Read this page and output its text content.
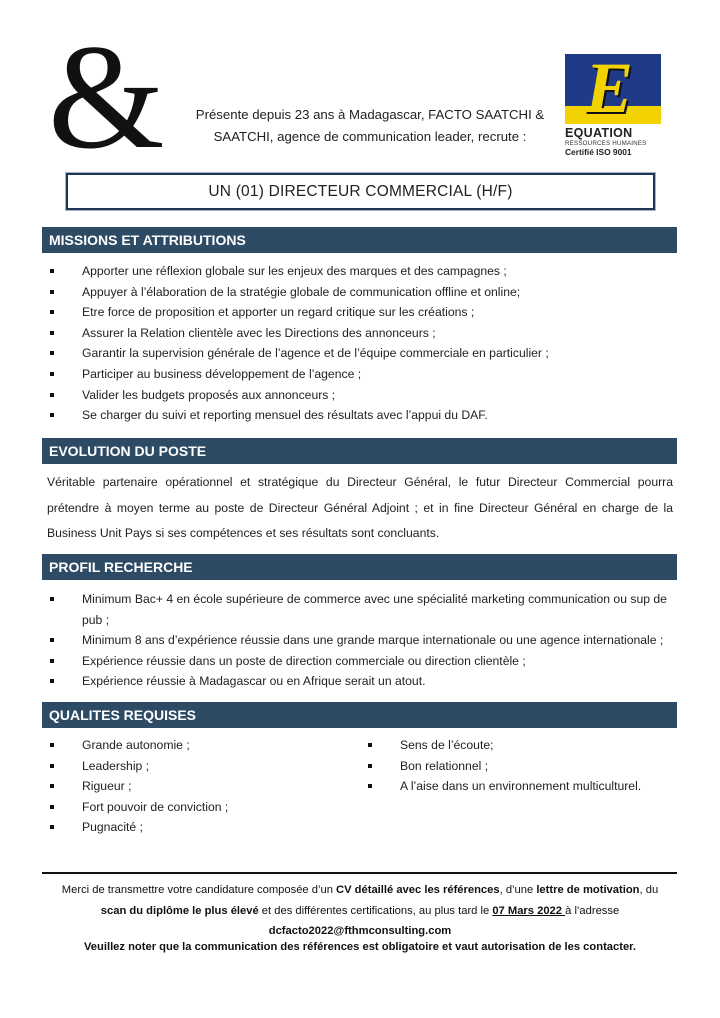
&	Présente depuis 23 ans à Madagascar, FACTO SAATCHI & SAATCHI, agence de communication leader, recrute :
E
EQUATION
RESSOURCES HUMAINES
Certifié ISO 9001
UN (01) DIRECTEUR COMMERCIAL (H/F)
MISSIONS ET ATTRIBUTIONS
Apporter une réflexion globale sur les enjeux des marques et des campagnes ;
Appuyer à l’élaboration de la stratégie globale de communication offline et online;
Etre force de proposition et apporter un regard critique sur les créations ;
Assurer la Relation clientèle avec les Directions des annonceurs ;
Garantir la supervision générale de l’agence et de l’équipe commerciale en particulier ;
Participer au business développement de l’agence ;
Valider les budgets proposés aux annonceurs ;
Se charger du suivi et reporting mensuel des résultats avec l’appui du DAF.
EVOLUTION DU POSTE
Véritable partenaire opérationnel et stratégique du Directeur Général, le futur Directeur Commercial pourra prétendre à moyen terme au poste de Directeur Général Adjoint ; et in fine Directeur Général en charge de la Business Unit Pays si ses compétences et ses résultats sont concluants.
PROFIL RECHERCHE
Minimum Bac+ 4 en école supérieure de commerce avec une spécialité marketing communication ou sup de pub ;
Minimum 8 ans d’expérience réussie dans une grande marque internationale ou une agence internationale ;
Expérience réussie dans un poste de direction commerciale ou direction clientèle ;
Expérience réussie à Madagascar ou en Afrique serait un atout.
QUALITES REQUISES
Grande autonomie ;
Leadership ;
Rigueur ;
Fort pouvoir de conviction ;
Pugnacité ;
Sens de l’écoute;
Bon relationnel ;
A l’aise dans un environnement multiculturel.
Merci de transmettre votre candidature composée d’un CV détaillé avec les références, d’une lettre de motivation, du
scan du diplôme le plus élevé et des différentes certifications, au plus tard le 07 Mars 2022 à l’adresse
dcfacto2022@fthmconsulting.com
Veuillez noter que la communication des références est obligatoire et vaut autorisation de les contacter.
